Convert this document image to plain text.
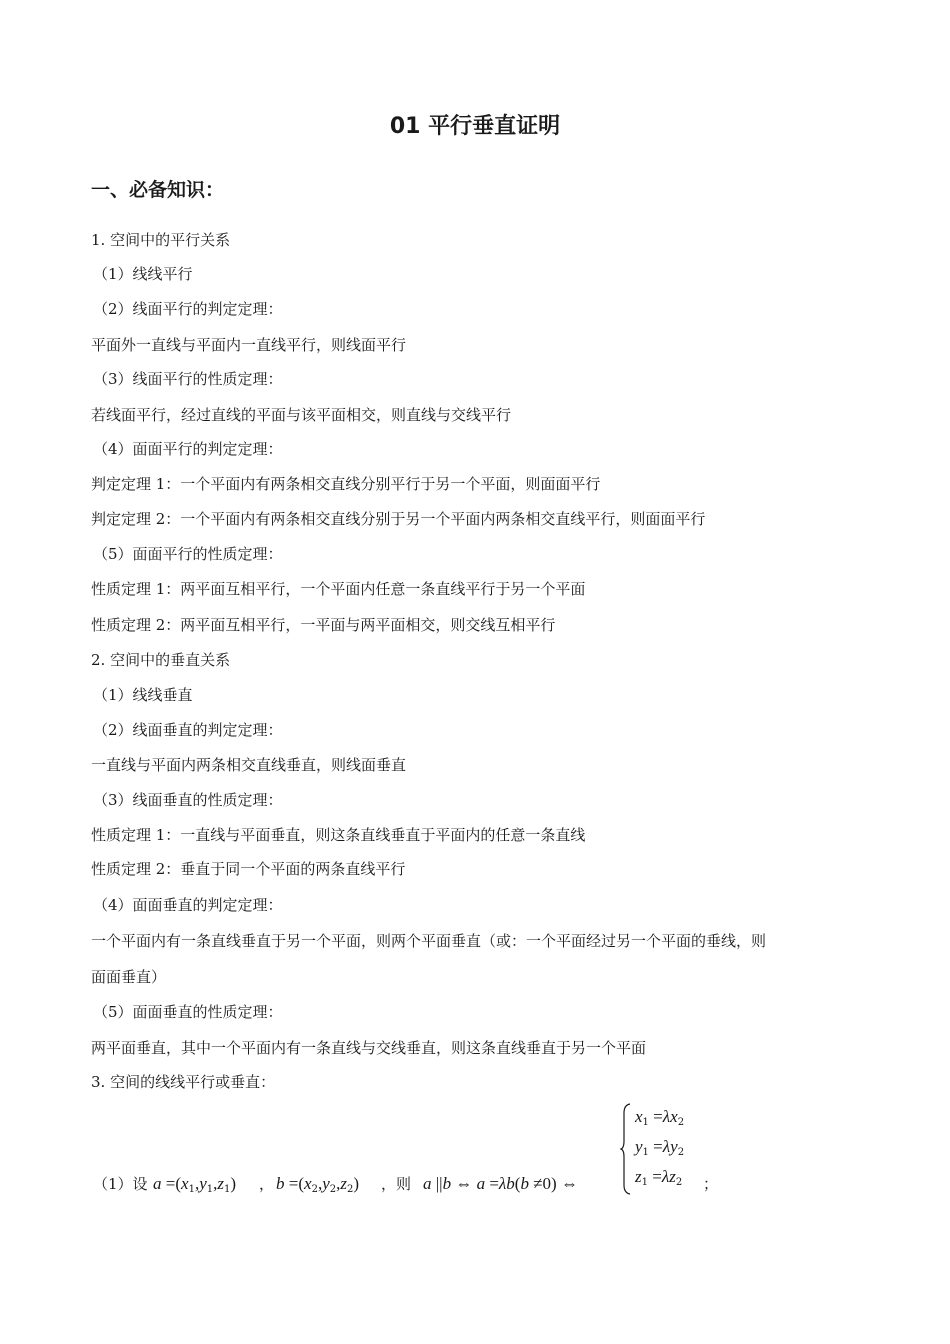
01 平行垂直证明
一、必备知识：
1. 空间中的平行关系
（1）线线平行
（2）线面平行的判定定理：
平面外一直线与平面内一直线平行，则线面平行
（3）线面平行的性质定理：
若线面平行，经过直线的平面与该平面相交，则直线与交线平行
（4）面面平行的判定定理：
判定定理 1：一个平面内有两条相交直线分别平行于另一个平面，则面面平行
判定定理 2：一个平面内有两条相交直线分别于另一个平面内两条相交直线平行，则面面平行
（5）面面平行的性质定理：
性质定理 1：两平面互相平行，一个平面内任意一条直线平行于另一个平面
性质定理 2：两平面互相平行，一平面与两平面相交，则交线互相平行
2. 空间中的垂直关系
（1）线线垂直
（2）线面垂直的判定定理：
一直线与平面内两条相交直线垂直，则线面垂直
（3）线面垂直的性质定理：
性质定理 1：一直线与平面垂直，则这条直线垂直于平面内的任意一条直线
性质定理 2：垂直于同一个平面的两条直线平行
（4）面面垂直的判定定理：
一个平面内有一条直线垂直于另一个平面，则两个平面垂直（或：一个平面经过另一个平面的垂线，则
面面垂直）
（5）面面垂直的性质定理：
两平面垂直，其中一个平面内有一条直线与交线垂直，则这条直线垂直于另一个平面
3. 空间的线线平行或垂直：
（1）设 $a =(x_1,y_1,z_1)$ ， $b =(x_2,y_2,z_2)$ ，则 a ||b ⇔ a =λb(b ≠0) ⇔
$x_1 =\lambda x_2$
$y_1 =\lambda y_2$
$z_1 =\lambda z_2$ ；
